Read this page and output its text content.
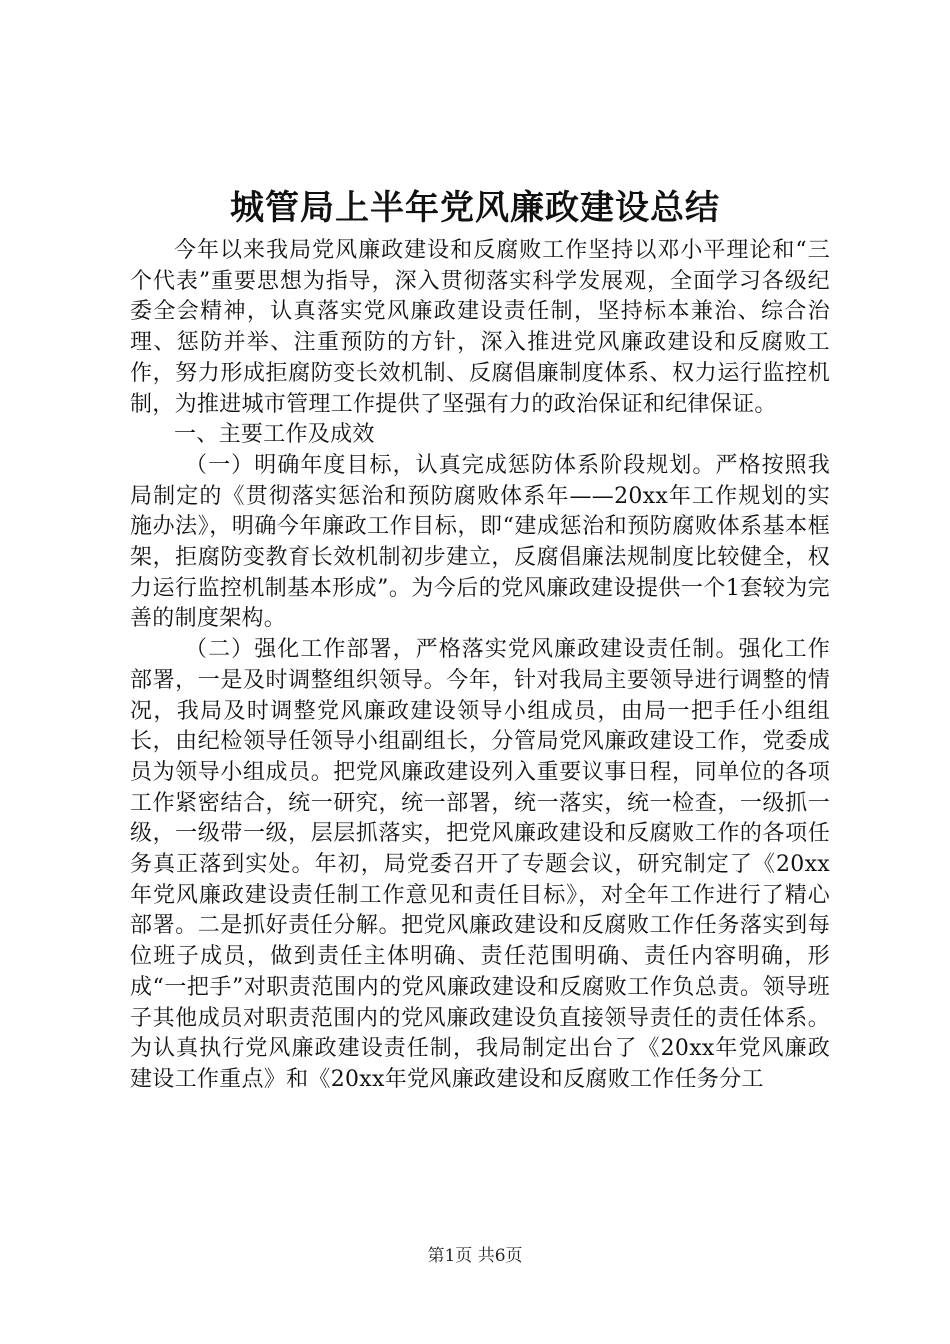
城管局上半年党风廉政建设总结

今年以来我局党风廉政建设和反腐败工作坚持以邓小平理论和“三个代表”重要思想为指导，深入贯彻落实科学发展观，全面学习各级纪委全会精神，认真落实党风廉政建设责任制，坚持标本兼治、综合治理、惩防并举、注重预防的方针，深入推进党风廉政建设和反腐败工作，努力形成拒腐防变长效机制、反腐倡廉制度体系、权力运行监控机制，为推进城市管理工作提供了坚强有力的政治保证和纪律保证。

一、主要工作及成效

（一）明确年度目标，认真完成惩防体系阶段规划。严格按照我局制定的《贯彻落实惩治和预防腐败体系年——20xx年工作规划的实施办法》，明确今年廉政工作目标，即“建成惩治和预防腐败体系基本框架，拒腐防变教育长效机制初步建立，反腐倡廉法规制度比较健全，权力运行监控机制基本形成”。为今后的党风廉政建设提供一个1套较为完善的制度架构。

（二）强化工作部署，严格落实党风廉政建设责任制。强化工作部署，一是及时调整组织领导。今年，针对我局主要领导进行调整的情况，我局及时调整党风廉政建设领导小组成员，由局一把手任小组组长，由纪检领导任领导小组副组长，分管局党风廉政建设工作，党委成员为领导小组成员。把党风廉政建设列入重要议事日程，同单位的各项工作紧密结合，统一研究，统一部署，统一落实，统一检查，一级抓一级，一级带一级，层层抓落实，把党风廉政建设和反腐败工作的各项任务真正落到实处。年初，局党委召开了专题会议，研究制定了《20xx年党风廉政建设责任制工作意见和责任目标》，对全年工作进行了精心部署。二是抓好责任分解。把党风廉政建设和反腐败工作任务落实到每位班子成员，做到责任主体明确、责任范围明确、责任内容明确，形成“一把手”对职责范围内的党风廉政建设和反腐败工作负总责。领导班子其他成员对职责范围内的党风廉政建设负直接领导责任的责任体系。为认真执行党风廉政建设责任制，我局制定出台了《20xx年党风廉政建设工作重点》和《20xx年党风廉政建设和反腐败工作任务分工

第1页 共6页
